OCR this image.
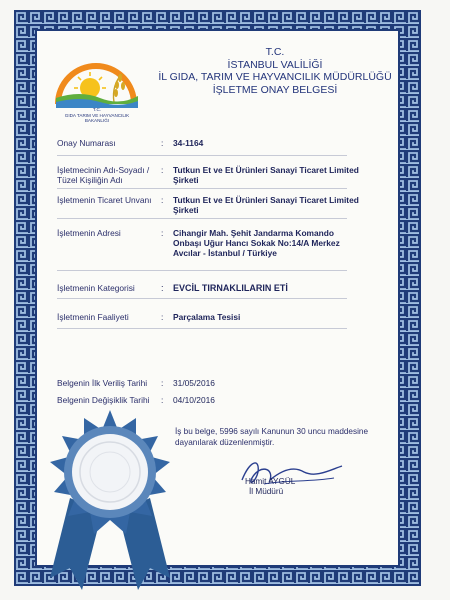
T.C.
GIDA TARIM VE HAYVANCILIK
BAKANLIĞI
T.C.
İSTANBUL VALİLİĞİ
İL GIDA, TARIM VE HAYVANCILIK MÜDÜRLÜĞÜ
İŞLETME ONAY BELGESİ
Onay Numarası	: 34-1164
İşletmecinin Adı-Soyadı / Tüzel Kişiliğin Adı
: Tutkun Et ve Et Ürünleri Sanayi Ticaret Limited Şirketi
İşletmenin Ticaret Unvanı	: Tutkun Et ve Et Ürünleri Sanayi Ticaret Limited Şirketi
İşletmenin Adresi	: Cihangir Mah. Şehit Jandarma Komando Onbaşı Uğur Hancı Sokak No:14/A Merkez Avcılar - İstanbul / Türkiye
İşletmenin Kategorisi	: EVCİL TIRNAKLILARIN ETİ
İşletmenin Faaliyeti	: Parçalama Tesisi
Belgenin İlk Veriliş Tarihi	: 31/05/2016
Belgenin Değişiklik Tarihi	: 04/10/2016
İş bu belge, 5996 sayılı Kanunun 30 uncu maddesine dayanılarak düzenlenmiştir.
Hamit AYGÜL
İl Müdürü
